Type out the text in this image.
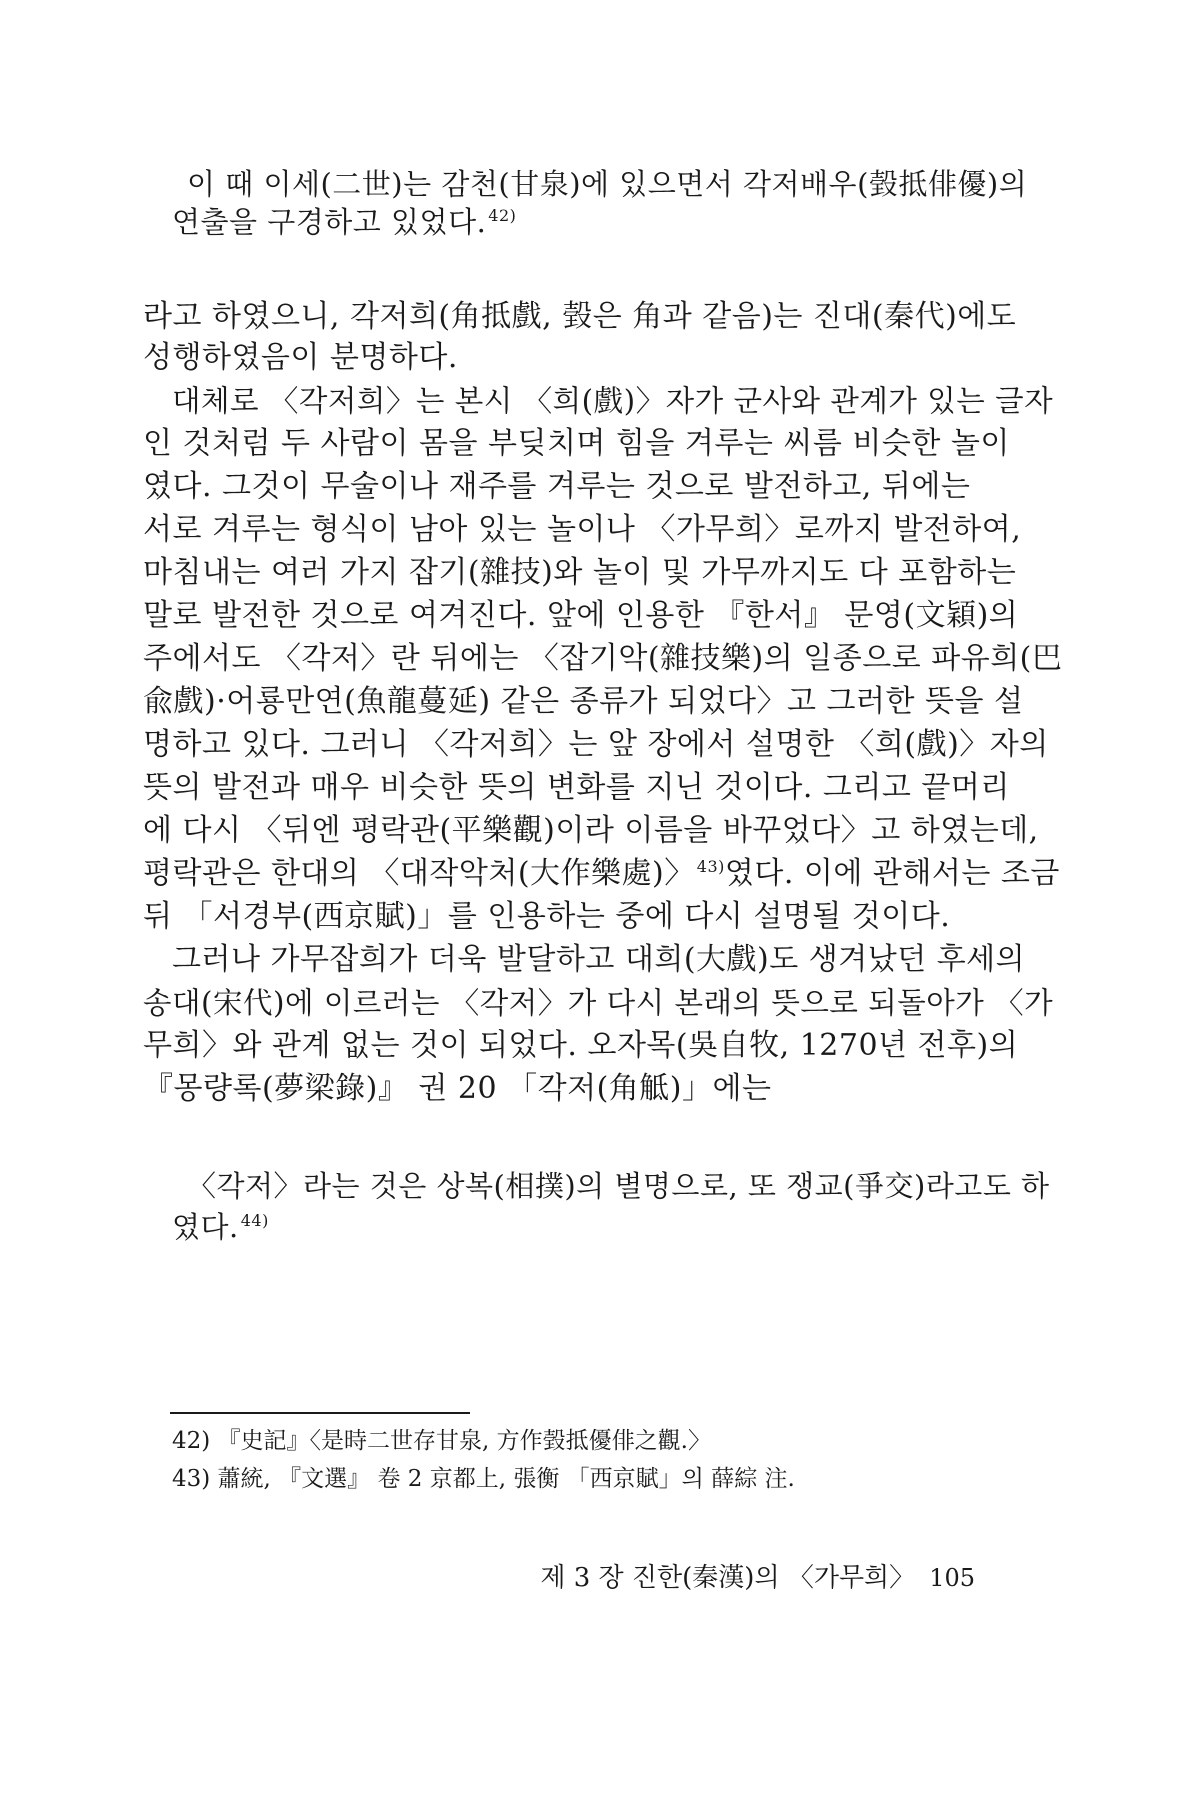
이 때 이세(二世)는 감천(甘泉)에 있으면서 각저배우(㲄抵俳優)의
연출을 구경하고 있었다. $^{42)}$
라고 하였으니, 각저희(角抵戲, 㲄은 角과 같음)는 진대(秦代)에도
성행하였음이 분명하다.
대체로 〈각저희〉는 본시 〈희(戲)〉자가 군사와 관계가 있는 글자
인 것처럼 두 사람이 몸을 부딪치며 힘을 겨루는 씨름 비슷한 놀이
였다. 그것이 무술이나 재주를 겨루는 것으로 발전하고, 뒤에는
서로 겨루는 형식이 남아 있는 놀이나 〈가무희〉로까지 발전하여,
마침내는 여러 가지 잡기(雜技)와 놀이 및 가무까지도 다 포함하는
말로 발전한 것으로 여겨진다. 앞에 인용한 『한서』 문영(文穎)의
주에서도 〈각저〉란 뒤에는 〈잡기악(雜技樂)의 일종으로 파유희(巴
兪戲)·어룡만연(魚龍蔓延) 같은 종류가 되었다〉고 그러한 뜻을 설
명하고 있다. 그러니 〈각저희〉는 앞 장에서 설명한 〈희(戲)〉자의
뜻의 발전과 매우 비슷한 뜻의 변화를 지닌 것이다. 그리고 끝머리
에 다시 〈뒤엔 평락관(平樂觀)이라 이름을 바꾸었다〉고 하였는데,
평락관은 한대의 〈대작악처(大作樂處)〉 $^{43)}$였다. 이에 관해서는 조금
뒤 「서경부(西京賦)」를 인용하는 중에 다시 설명될 것이다.
그러나 가무잡희가 더욱 발달하고 대희(大戲)도 생겨났던 후세의
송대(宋代)에 이르러는 〈각저〉가 다시 본래의 뜻으로 되돌아가 〈가
무희〉와 관계 없는 것이 되었다. 오자목(吳自牧, 1270년 전후)의
『몽량록(夢梁錄)』 권 20 「각저(角觝)」에는
〈각저〉라는 것은 상복(相撲)의 별명으로, 또 쟁교(爭交)라고도 하
였다. $^{44)}$
42) 『史記』〈是時二世存甘泉, 方作㲄抵優俳之觀.〉
43) 蕭統, 『文選』 卷 2 京都上, 張衡 「西京賦」의 薛綜 注.
제 3 장 진한(秦漢)의 〈가무희〉 105
